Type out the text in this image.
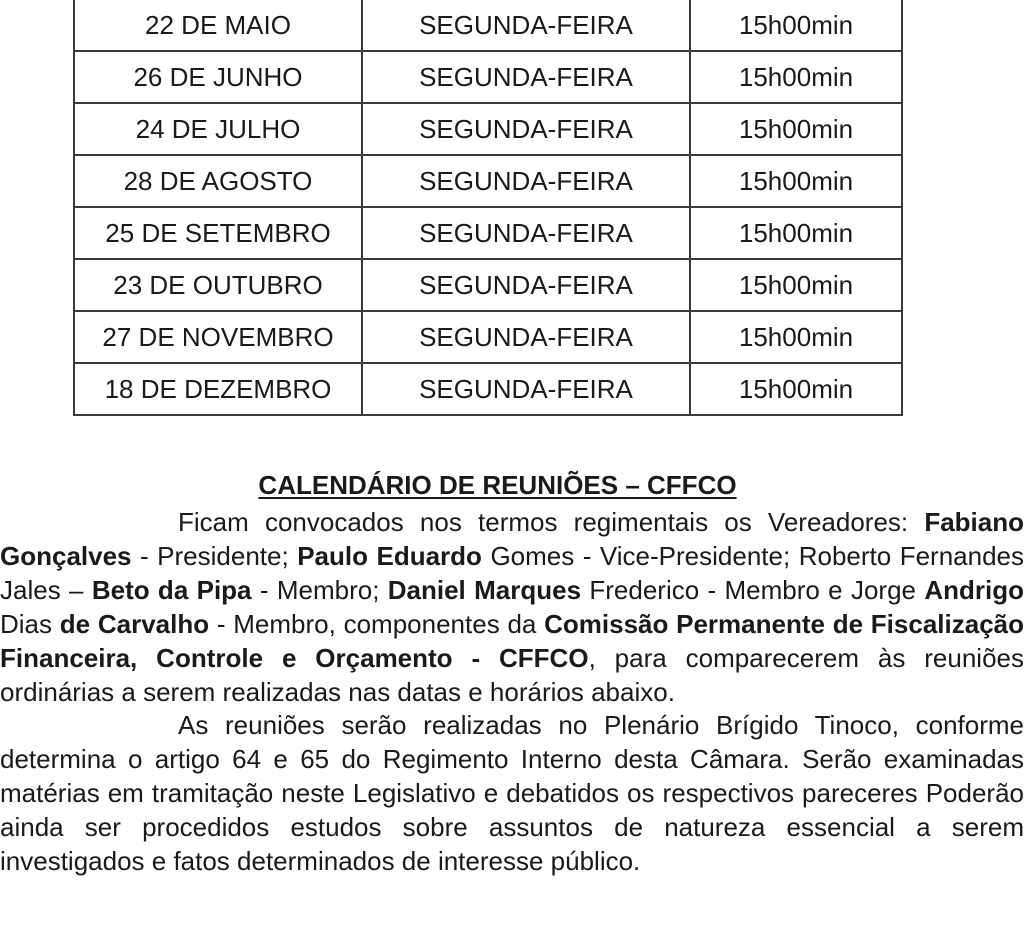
22 DE MAIO	SEGUNDA-FEIRA	15h00min
26 DE JUNHO	SEGUNDA-FEIRA	15h00min
24 DE JULHO	SEGUNDA-FEIRA	15h00min
28 DE AGOSTO	SEGUNDA-FEIRA	15h00min
25 DE SETEMBRO	SEGUNDA-FEIRA	15h00min
23 DE OUTUBRO	SEGUNDA-FEIRA	15h00min
27 DE NOVEMBRO	SEGUNDA-FEIRA	15h00min
18 DE DEZEMBRO	SEGUNDA-FEIRA	15h00min
CALENDÁRIO DE REUNIÕES – CFFCO

Ficam convocados nos termos regimentais os Vereadores: Fabiano Gonçalves - Presidente; Paulo Eduardo Gomes - Vice-Presidente; Roberto Fernandes Jales – Beto da Pipa - Membro; Daniel Marques Frederico - Membro e Jorge Andrigo Dias de Carvalho - Membro, componentes da Comissão Permanente de Fiscalização Financeira, Controle e Orçamento - CFFCO, para comparecerem às reuniões ordinárias a serem realizadas nas datas e horários abaixo.

As reuniões serão realizadas no Plenário Brígido Tinoco, conforme determina o artigo 64 e 65 do Regimento Interno desta Câmara. Serão examinadas matérias em tramitação neste Legislativo e debatidos os respectivos pareceres Poderão ainda ser procedidos estudos sobre assuntos de natureza essencial a serem investigados e fatos determinados de interesse público.
